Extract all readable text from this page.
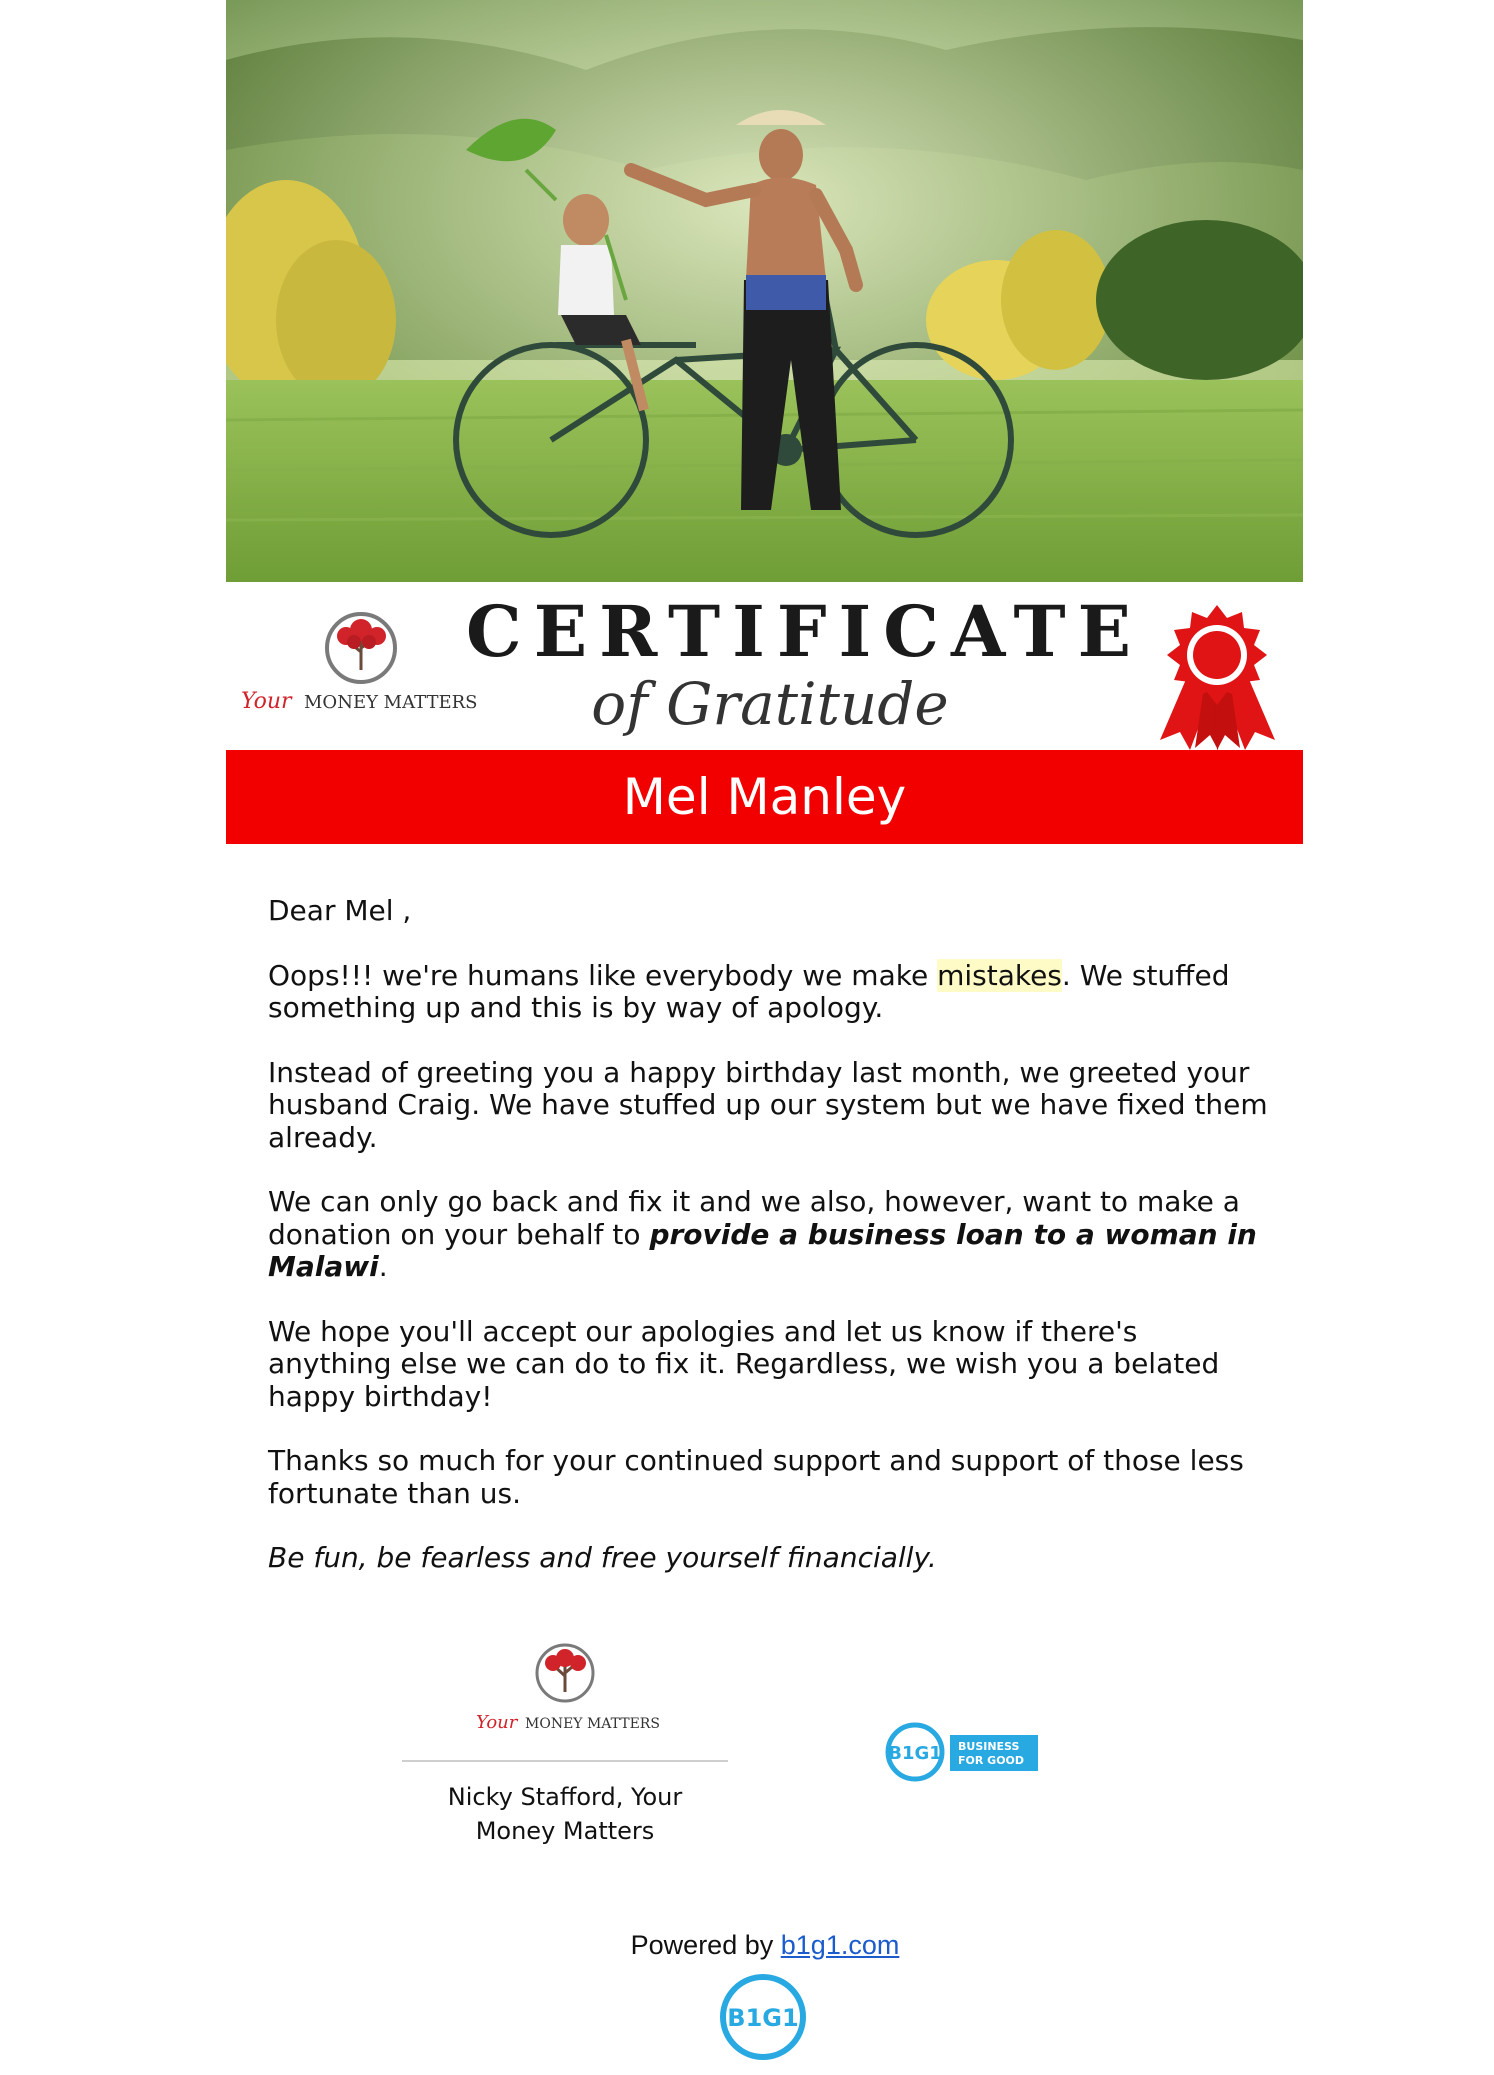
Your MONEY MATTERS
CERTIFICATE
of Gratitude
Mel Manley

Dear Mel ,

Oops!!! we're humans like everybody we make mistakes. We stuffed something up and this is by way of apology.

Instead of greeting you a happy birthday last month, we greeted your husband Craig. We have stuffed up our system but we have fixed them already.

We can only go back and fix it and we also, however, want to make a donation on your behalf to provide a business loan to a woman in Malawi.

We hope you'll accept our apologies and let us know if there's anything else we can do to fix it. Regardless, we wish you a belated happy birthday!

Thanks so much for your continued support and support of those less fortunate than us.

Be fun, be fearless and free yourself financially.

Your MONEY MATTERS
Nicky Stafford, Your
Money Matters
B1G1 BUSINESS
FOR GOOD
Powered by b1g1.com
B1G1
